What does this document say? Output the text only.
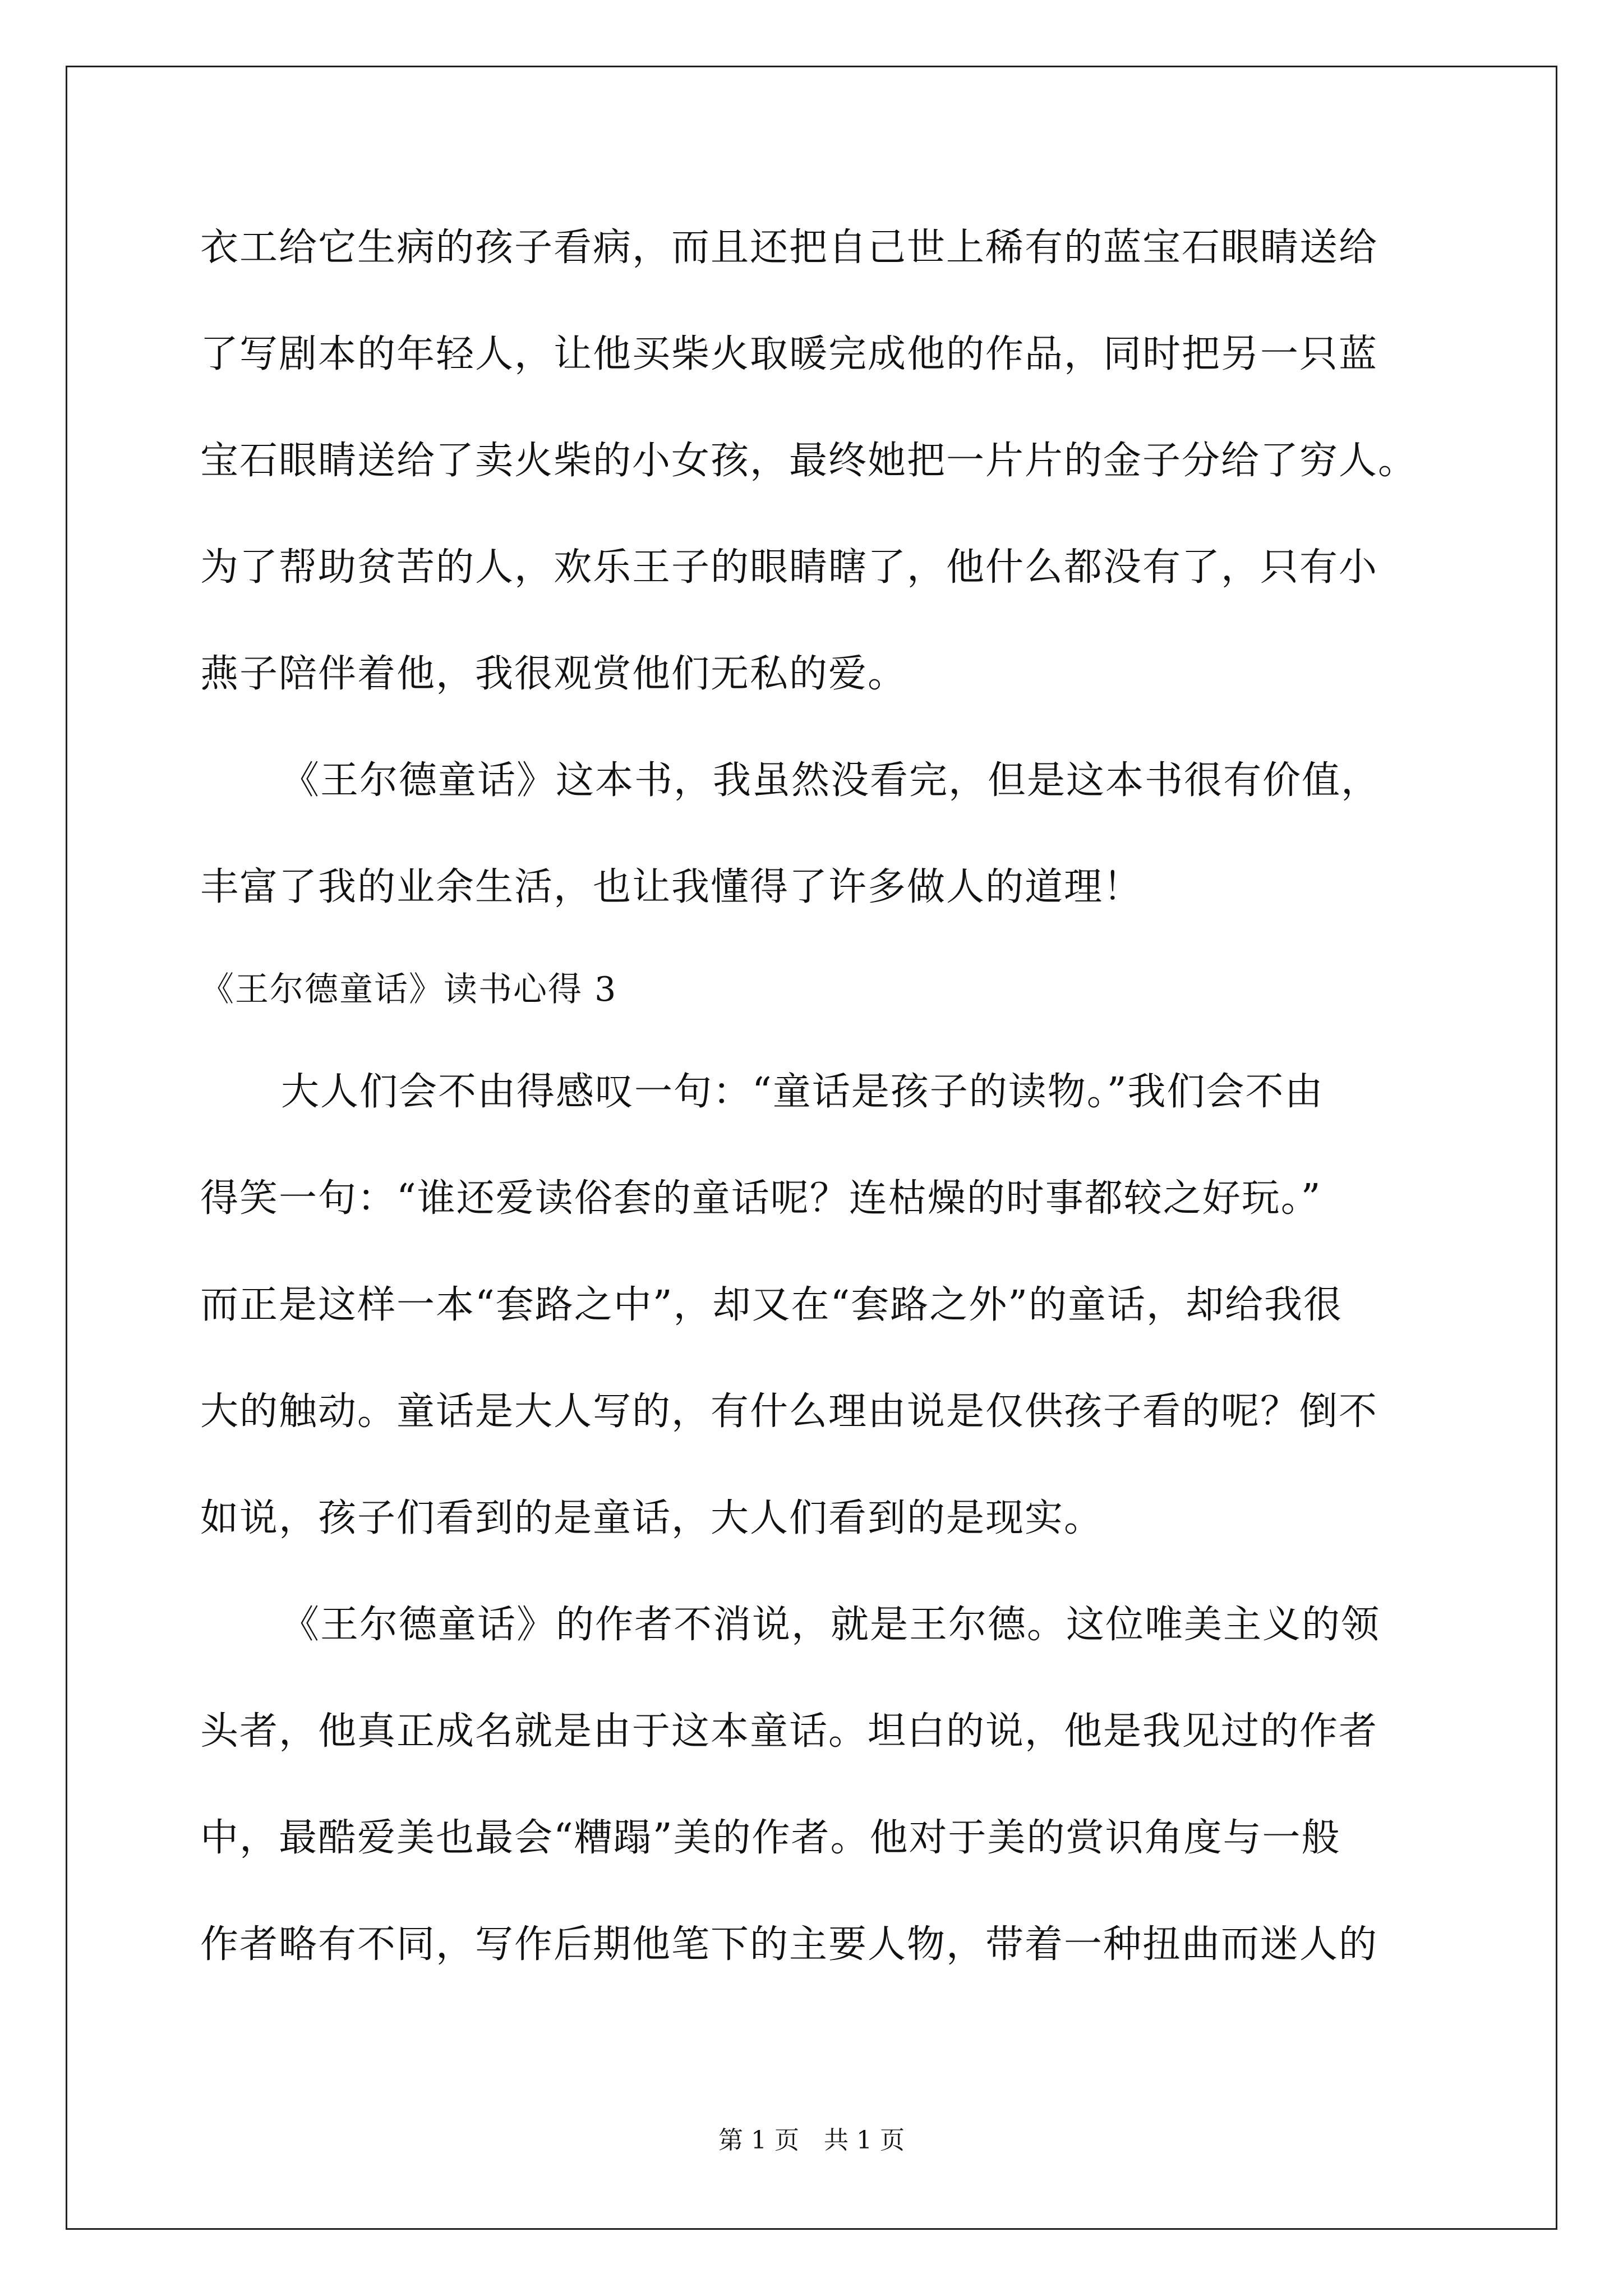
衣工给它生病的孩子看病，而且还把自己世上稀有的蓝宝石眼睛送给
了写剧本的年轻人，让他买柴火取暖完成他的作品，同时把另一只蓝
宝石眼睛送给了卖火柴的小女孩，最终她把一片片的金子分给了穷人。
为了帮助贫苦的人，欢乐王子的眼睛瞎了，他什么都没有了，只有小
燕子陪伴着他，我很观赏他们无私的爱。
《王尔德童话》这本书，我虽然没看完，但是这本书很有价值，
丰富了我的业余生活，也让我懂得了许多做人的道理！
《王尔德童话》读书心得 3
大人们会不由得感叹一句：“童话是孩子的读物。”我们会不由
得笑一句：“谁还爱读俗套的童话呢？连枯燥的时事都较之好玩。”
而正是这样一本“套路之中”，却又在“套路之外”的童话，却给我很
大的触动。童话是大人写的，有什么理由说是仅供孩子看的呢？倒不
如说，孩子们看到的是童话，大人们看到的是现实。
《王尔德童话》的作者不消说，就是王尔德。这位唯美主义的领
头者，他真正成名就是由于这本童话。坦白的说，他是我见过的作者
中，最酷爱美也最会“糟蹋”美的作者。他对于美的赏识角度与一般
作者略有不同，写作后期他笔下的主要人物，带着一种扭曲而迷人的
第 1 页　共 1 页
